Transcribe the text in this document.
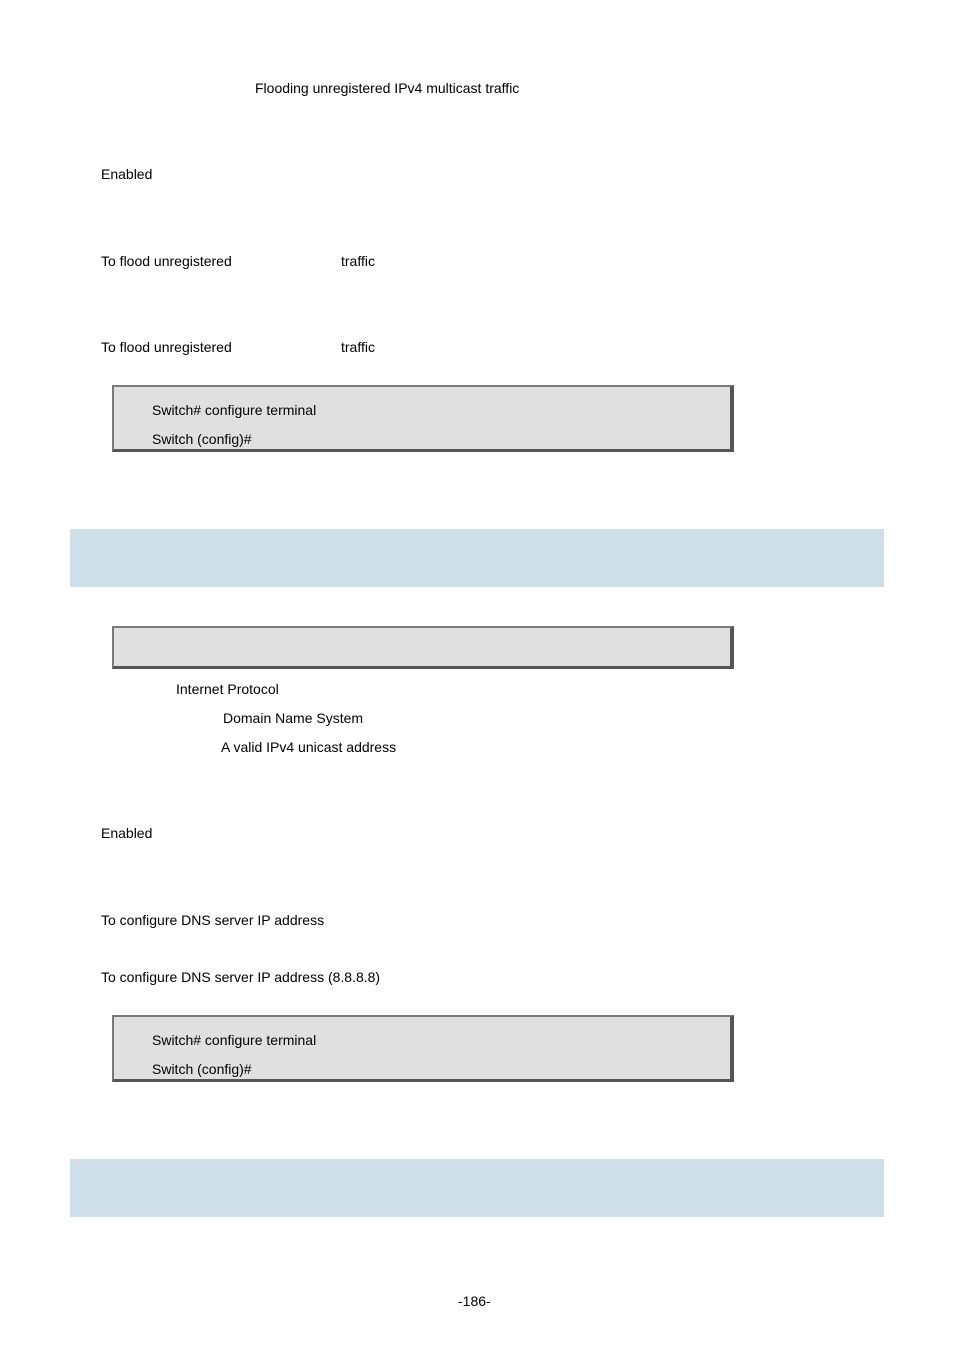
Flooding unregistered IPv4 multicast traffic
Enabled
To flood unregistered	traffic
To flood unregistered	traffic
Switch# configure terminal
Switch (config)#
Internet Protocol
Domain Name System
A valid IPv4 unicast address
Enabled
To configure DNS server IP address
To configure DNS server IP address (8.8.8.8)
Switch# configure terminal
Switch (config)#
-186-
